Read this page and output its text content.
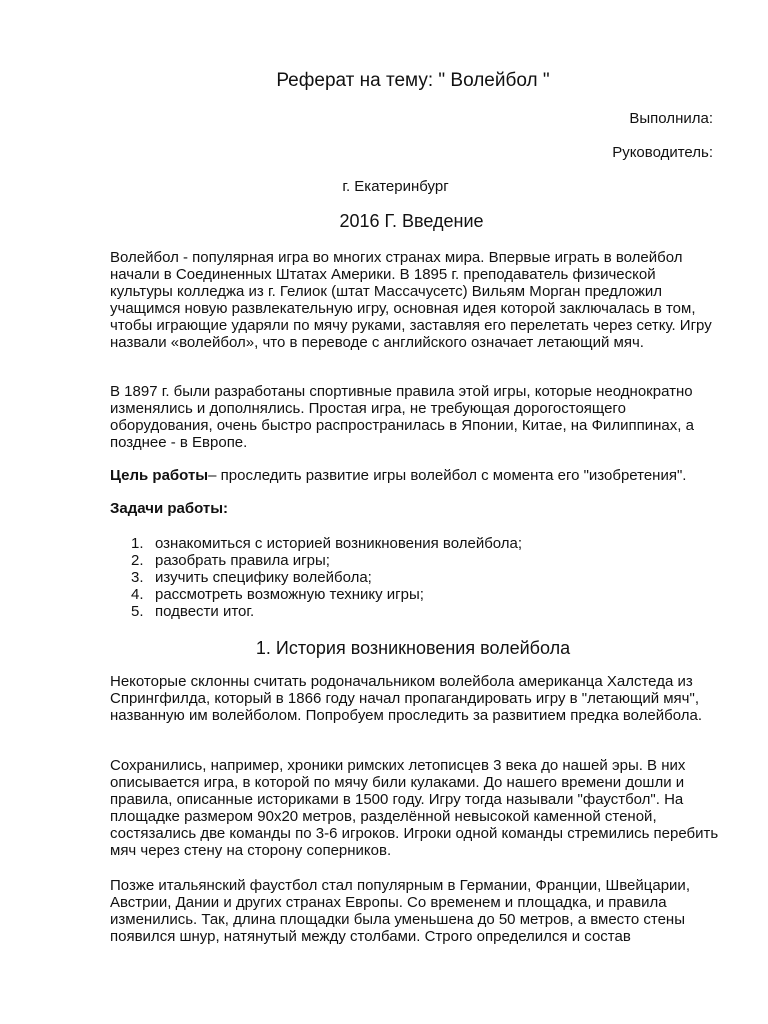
Реферат на тему: " Волейбол "
Выполнила:
Руководитель:
г. Екатеринбург
2016 Г. Введение

Волейбол - популярная игра во многих странах мира. Впервые играть в волейбол начали в Соединенных Штатах Америки. В 1895 г. преподаватель физической культуры колледжа из г. Гелиок (штат Массачусетс) Вильям Морган предложил учащимся новую развлекательную игру, основная идея которой заключалась в том, чтобы играющие ударяли по мячу руками, заставляя его перелетать через сетку. Игру назвали «волейбол», что в переводе с английского означает летающий мяч.

В 1897 г. были разработаны спортивные правила этой игры, которые неоднократно изменялись и дополнялись. Простая игра, не требующая дорогостоящего оборудования, очень быстро распространилась в Японии, Китае, на Филиппинах, а позднее - в Европе.

Цель работы– проследить развитие игры волейбол с момента его "изобретения".

Задачи работы:
1. ознакомиться с историей возникновения волейбола;
2. разобрать правила игры;
3. изучить специфику волейбола;
4. рассмотреть возможную технику игры;
5. подвести итог.
1. История возникновения волейбола

Некоторые склонны считать родоначальником волейбола американца Халстеда из Спрингфилда, который в 1866 году начал пропагандировать игру в "летающий мяч", названную им волейболом. Попробуем проследить за развитием предка волейбола.

Сохранились, например, хроники римских летописцев 3 века до нашей эры. В них описывается игра, в которой по мячу били кулаками. До нашего времени дошли и правила, описанные историками в 1500 году. Игру тогда называли "фаустбол". На площадке размером 90х20 метров, разделённой невысокой каменной стеной, состязались две команды по 3-6 игроков. Игроки одной команды стремились перебить мяч через стену на сторону соперников.

Позже итальянский фаустбол стал популярным в Германии, Франции, Швейцарии, Австрии, Дании и других странах Европы. Со временем и площадка, и правила изменились. Так, длина площадки была уменьшена до 50 метров, а вместо стены появился шнур, натянутый между столбами. Строго определился и состав
